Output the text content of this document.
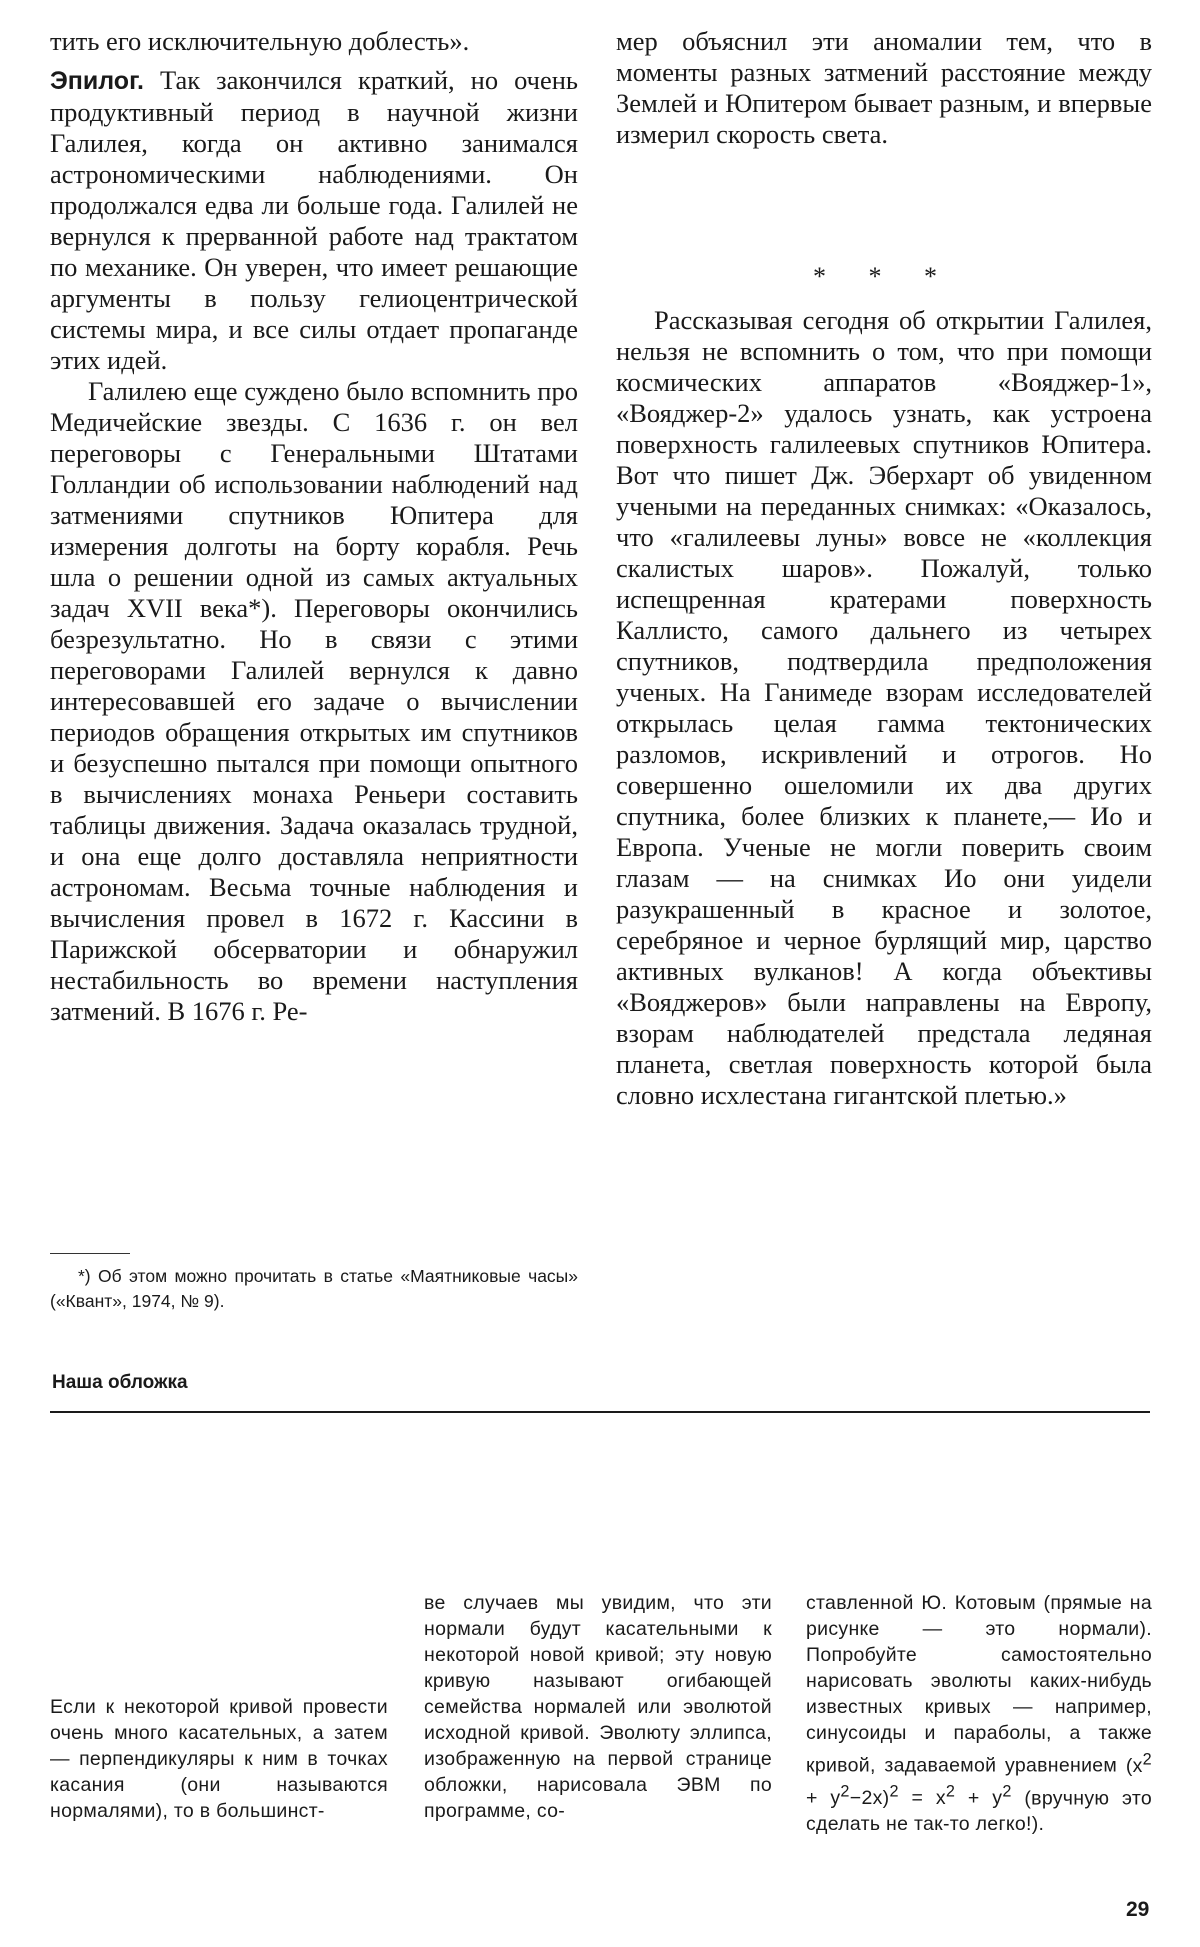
тить его исключительную доблесть».

Эпилог. Так закончился краткий, но очень продуктивный период в научной жизни Галилея, когда он активно занимался астрономическими наблюдениями. Он продолжался едва ли больше года. Галилей не вернулся к прерванной работе над трактатом по механике. Он уверен, что имеет решающие аргументы в пользу гелиоцентрической системы мира, и все силы отдает пропаганде этих идей.

Галилею еще суждено было вспомнить про Медичейские звезды. С 1636 г. он вел переговоры с Генеральными Штатами Голландии об использовании наблюдений над затмениями спутников Юпитера для измерения долготы на борту корабля. Речь шла о решении одной из самых актуальных задач XVII века*). Переговоры окончились безрезультатно. Но в связи с этими переговорами Галилей вернулся к давно интересовавшей его задаче о вычислении периодов обращения открытых им спутников и безуспешно пытался при помощи опытного в вычислениях монаха Реньери составить таблицы движения. Задача оказалась трудной, и она еще долго доставляла неприятности астрономам. Весьма точные наблюдения и вычисления провел в 1672 г. Кассини в Парижской обсерватории и обнаружил нестабильность во времени наступления затмений. В 1676 г. Ре-

*) Об этом можно прочитать в статье «Маятниковые часы» («Квант», 1974, № 9).

мер объяснил эти аномалии тем, что в моменты разных затмений расстояние между Землей и Юпитером бывает разным, и впервые измерил скорость света.

* * *

Рассказывая сегодня об открытии Галилея, нельзя не вспомнить о том, что при помощи космических аппаратов «Вояджер-1», «Вояджер-2» удалось узнать, как устроена поверхность галилеевых спутников Юпитера. Вот что пишет Дж. Эберхарт об увиденном учеными на переданных снимках: «Оказалось, что «галилеевы луны» вовсе не «коллекция скалистых шаров». Пожалуй, только испещренная кратерами поверхность Каллисто, самого дальнего из четырех спутников, подтвердила предположения ученых. На Ганимеде взорам исследователей открылась целая гамма тектонических разломов, искривлений и отрогов. Но совершенно ошеломили их два других спутника, более близких к планете,— Ио и Европа. Ученые не могли поверить своим глазам — на снимках Ио они уидели разукрашенный в красное и золотое, серебряное и черное бурлящий мир, царство активных вулканов! А когда объективы «Вояджеров» были направлены на Европу, взорам наблюдателей предстала ледяная планета, светлая поверхность которой была словно исхлестана гигантской плетью.»

Наша обложка

Если к некоторой кривой провести очень много касательных, а затем — перпендикуляры к ним в точках касания (они называются нормалями), то в большинст-

ве случаев мы увидим, что эти нормали будут касательными к некоторой новой кривой; эту новую кривую называют огибающей семейства нормалей или эволютой исходной кривой. Эволюту эллипса, изображенную на первой странице обложки, нарисовала ЭВМ по программе, со-

ставленной Ю. Котовым (прямые на рисунке — это нормали). Попробуйте самостоятельно нарисовать эволюты каких-нибудь известных кривых — например, синусоиды и параболы, а также кривой, задаваемой уравнением $(x^2 + y^2-2x)^2 = x^2 + y^2$ (вручную это сделать не так-то легко!).

29
